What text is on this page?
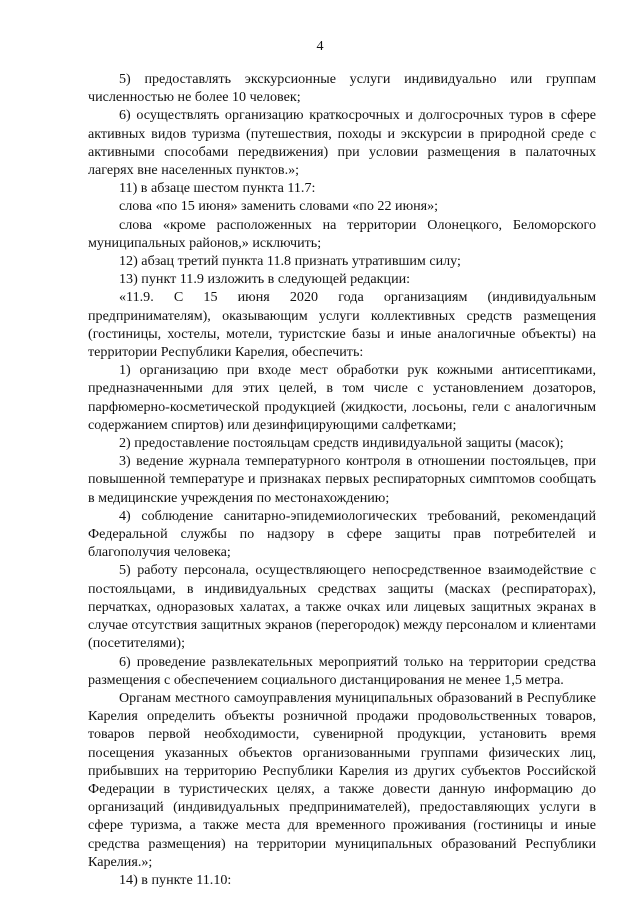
4

5) предоставлять экскурсионные услуги индивидуально или группам численностью не более 10 человек;

6) осуществлять организацию краткосрочных и долгосрочных туров в сфере активных видов туризма (путешествия, походы и экскурсии в природной среде с активными способами передвижения) при условии размещения в палаточных лагерях вне населенных пунктов.»;

11) в абзаце шестом пункта 11.7:

слова «по 15 июня» заменить словами «по 22 июня»;

слова «кроме расположенных на территории Олонецкого, Беломорского муниципальных районов,» исключить;

12) абзац третий пункта 11.8 признать утратившим силу;

13) пункт 11.9 изложить в следующей редакции:

«11.9. С 15 июня 2020 года организациям (индивидуальным предпринимателям), оказывающим услуги коллективных средств размещения (гостиницы, хостелы, мотели, туристские базы и иные аналогичные объекты) на территории Республики Карелия, обеспечить:

1) организацию при входе мест обработки рук кожными антисептиками, предназначенными для этих целей, в том числе с установлением дозаторов, парфюмерно-косметической продукцией (жидкости, лосьоны, гели с аналогичным содержанием спиртов) или дезинфицирующими салфетками;

2) предоставление постояльцам средств индивидуальной защиты (масок);

3) ведение журнала температурного контроля в отношении постояльцев, при повышенной температуре и признаках первых респираторных симптомов сообщать в медицинские учреждения по местонахождению;

4) соблюдение санитарно-эпидемиологических требований, рекомендаций Федеральной службы по надзору в сфере защиты прав потребителей и благополучия человека;

5) работу персонала, осуществляющего непосредственное взаимодействие с постояльцами, в индивидуальных средствах защиты (масках (респираторах), перчатках, одноразовых халатах, а также очках или лицевых защитных экранах в случае отсутствия защитных экранов (перегородок) между персоналом и клиентами (посетителями);

6) проведение развлекательных мероприятий только на территории средства размещения с обеспечением социального дистанцирования не менее 1,5 метра.

Органам местного самоуправления муниципальных образований в Республике Карелия определить объекты розничной продажи продовольственных товаров, товаров первой необходимости, сувенирной продукции, установить время посещения указанных объектов организованными группами физических лиц, прибывших на территорию Республики Карелия из других субъектов Российской Федерации в туристических целях, а также довести данную информацию до организаций (индивидуальных предпринимателей), предоставляющих услуги в сфере туризма, а также места для временного проживания (гостиницы и иные средства размещения) на территории муниципальных образований Республики Карелия.»;

14) в пункте 11.10:
